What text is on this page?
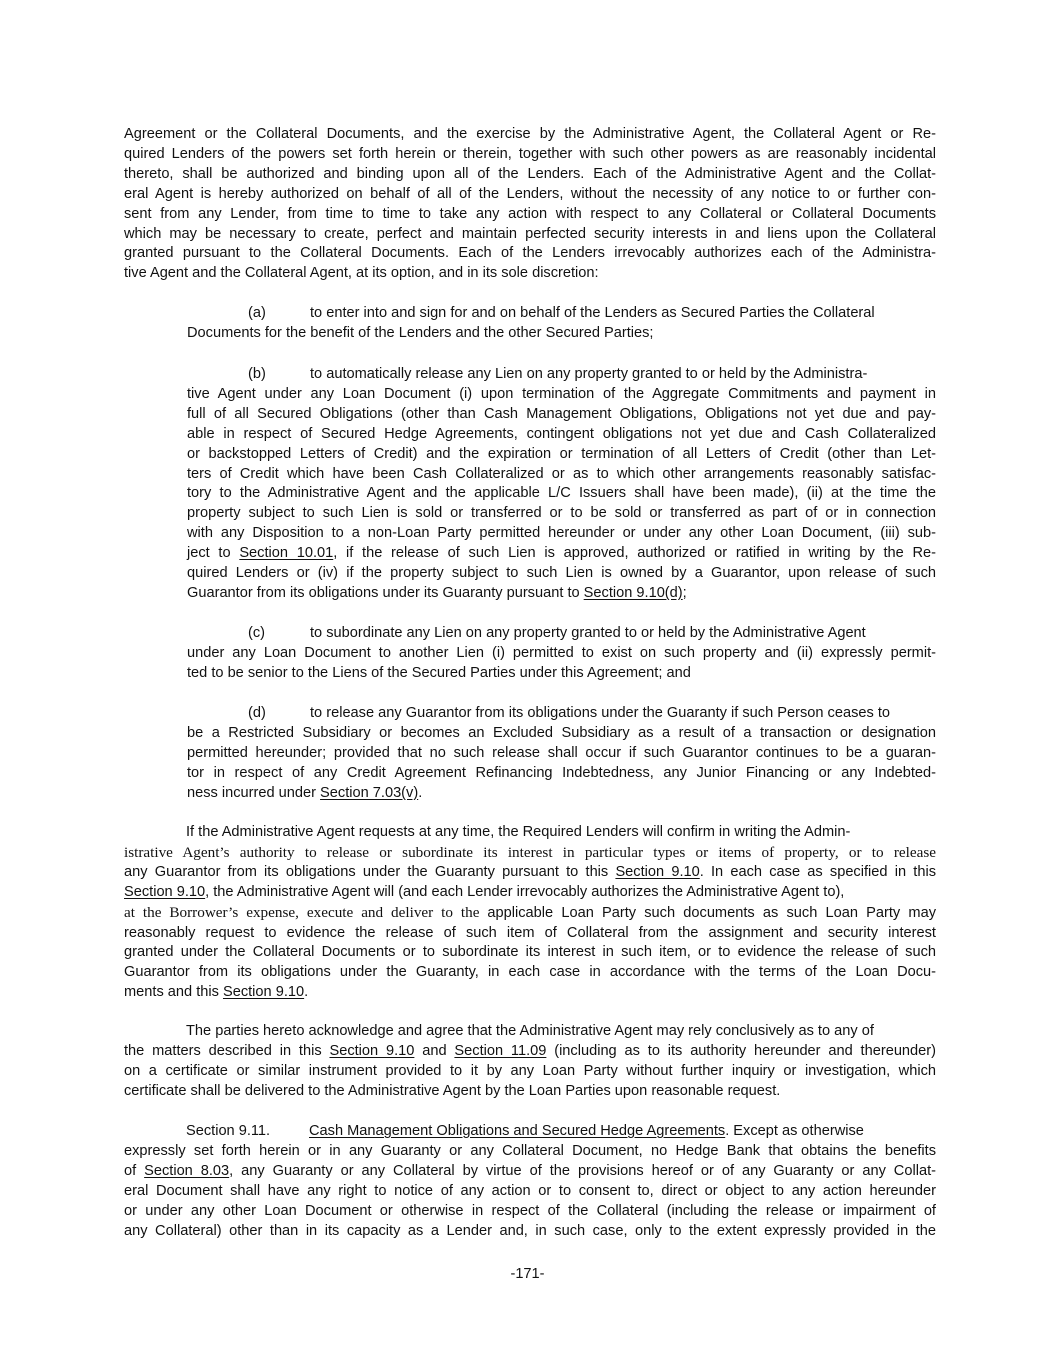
Agreement or the Collateral Documents, and the exercise by the Administrative Agent, the Collateral Agent or Re-
quired Lenders of the powers set forth herein or therein, together with such other powers as are reasonably incidental
thereto, shall be authorized and binding upon all of the Lenders. Each of the Administrative Agent and the Collat-
eral Agent is hereby authorized on behalf of all of the Lenders, without the necessity of any notice to or further con-
sent from any Lender, from time to time to take any action with respect to any Collateral or Collateral Documents
which may be necessary to create, perfect and maintain perfected security interests in and liens upon the Collateral
granted pursuant to the Collateral Documents. Each of the Lenders irrevocably authorizes each of the Administra-
tive Agent and the Collateral Agent, at its option, and in its sole discretion:
(a)	to enter into and sign for and on behalf of the Lenders as Secured Parties the Collateral
Documents for the benefit of the Lenders and the other Secured Parties;
(b)	to automatically release any Lien on any property granted to or held by the Administra-
tive Agent under any Loan Document (i) upon termination of the Aggregate Commitments and payment in
full of all Secured Obligations (other than Cash Management Obligations, Obligations not yet due and pay-
able in respect of Secured Hedge Agreements, contingent obligations not yet due and Cash Collateralized
or backstopped Letters of Credit) and the expiration or termination of all Letters of Credit (other than Let-
ters of Credit which have been Cash Collateralized or as to which other arrangements reasonably satisfac-
tory to the Administrative Agent and the applicable L/C Issuers shall have been made), (ii) at the time the
property subject to such Lien is sold or transferred or to be sold or transferred as part of or in connection
with any Disposition to a non-Loan Party permitted hereunder or under any other Loan Document, (iii) sub-
ject to Section 10.01, if the release of such Lien is approved, authorized or ratified in writing by the Re-
quired Lenders or (iv) if the property subject to such Lien is owned by a Guarantor, upon release of such
Guarantor from its obligations under its Guaranty pursuant to Section 9.10(d);
(c)	to subordinate any Lien on any property granted to or held by the Administrative Agent
under any Loan Document to another Lien (i) permitted to exist on such property and (ii) expressly permit-
ted to be senior to the Liens of the Secured Parties under this Agreement; and
(d)	to release any Guarantor from its obligations under the Guaranty if such Person ceases to
be a Restricted Subsidiary or becomes an Excluded Subsidiary as a result of a transaction or designation
permitted hereunder; provided that no such release shall occur if such Guarantor continues to be a guaran-
tor in respect of any Credit Agreement Refinancing Indebtedness, any Junior Financing or any Indebted-
ness incurred under Section 7.03(v).
If the Administrative Agent requests at any time, the Required Lenders will confirm in writing the Admin-
istrative Agent’s authority to release or subordinate its interest in particular types or items of property, or to release
any Guarantor from its obligations under the Guaranty pursuant to this Section 9.10. In each case as specified in this
Section 9.10, the Administrative Agent will (and each Lender irrevocably authorizes the Administrative Agent to),
at the Borrower’s expense, execute and deliver to the applicable Loan Party such documents as such Loan Party may
reasonably request to evidence the release of such item of Collateral from the assignment and security interest
granted under the Collateral Documents or to subordinate its interest in such item, or to evidence the release of such
Guarantor from its obligations under the Guaranty, in each case in accordance with the terms of the Loan Docu-
ments and this Section 9.10.
The parties hereto acknowledge and agree that the Administrative Agent may rely conclusively as to any of
the matters described in this Section 9.10 and Section 11.09 (including as to its authority hereunder and thereunder)
on a certificate or similar instrument provided to it by any Loan Party without further inquiry or investigation, which
certificate shall be delivered to the Administrative Agent by the Loan Parties upon reasonable request.
Section 9.11.	Cash Management Obligations and Secured Hedge Agreements. Except as otherwise
expressly set forth herein or in any Guaranty or any Collateral Document, no Hedge Bank that obtains the benefits
of Section 8.03, any Guaranty or any Collateral by virtue of the provisions hereof or of any Guaranty or any Collat-
eral Document shall have any right to notice of any action or to consent to, direct or object to any action hereunder
or under any other Loan Document or otherwise in respect of the Collateral (including the release or impairment of
any Collateral) other than in its capacity as a Lender and, in such case, only to the extent expressly provided in the
-171-
